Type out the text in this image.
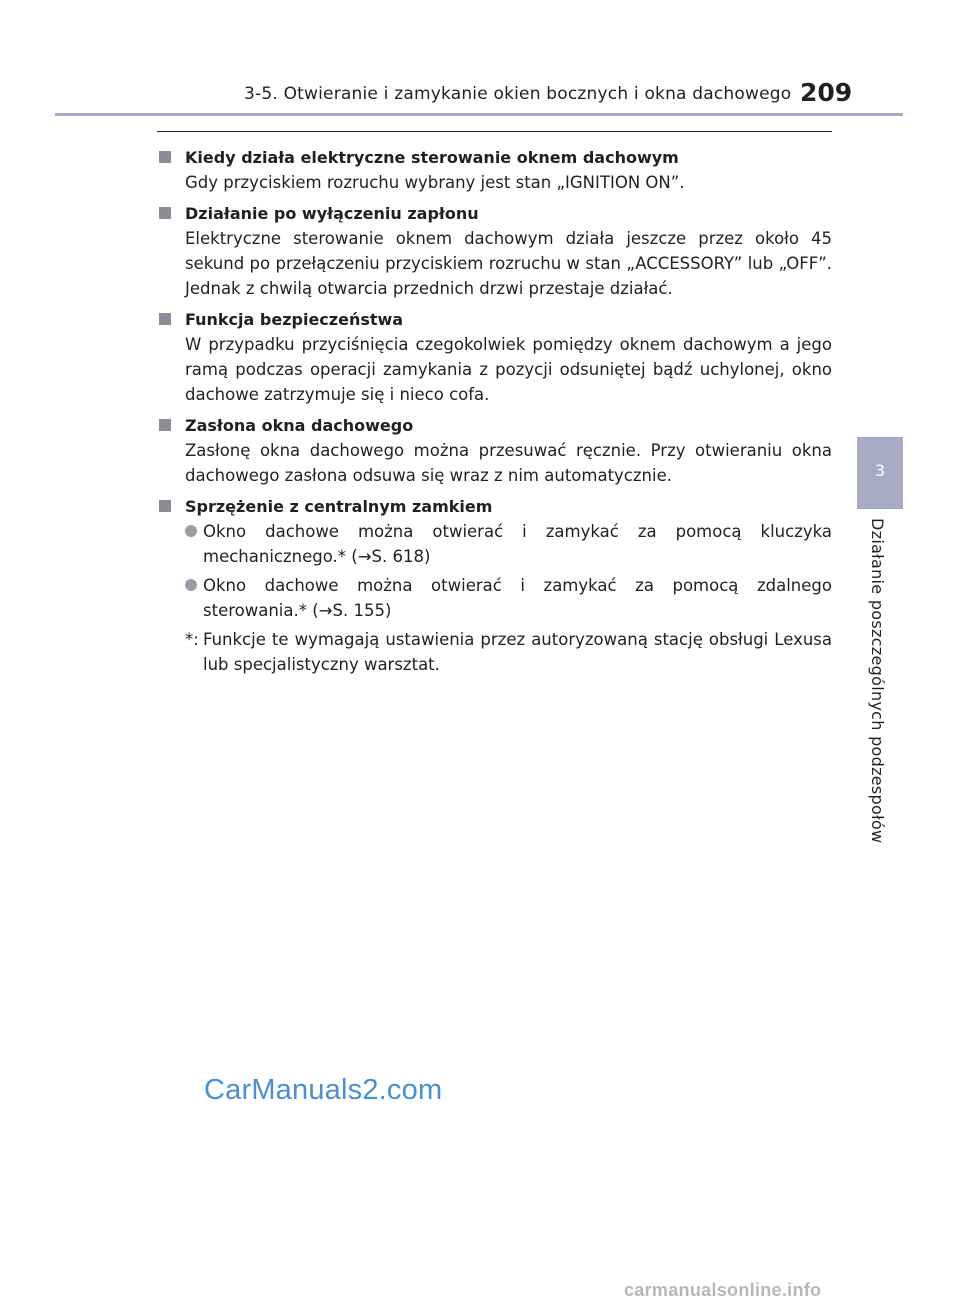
3-5. Otwieranie i zamykanie okien bocznych i okna dachowego 209
Kiedy działa elektryczne sterowanie oknem dachowym
Gdy przyciskiem rozruchu wybrany jest stan „IGNITION ON”.
Działanie po wyłączeniu zapłonu
Elektryczne sterowanie oknem dachowym działa jeszcze przez około 45 sekund po przełączeniu przyciskiem rozruchu w stan „ACCESSORY” lub „OFF”. Jednak z chwilą otwarcia przednich drzwi przestaje działać.
Funkcja bezpieczeństwa
W przypadku przyciśnięcia czegokolwiek pomiędzy oknem dachowym a jego ramą podczas operacji zamykania z pozycji odsuniętej bądź uchylonej, okno dachowe zatrzymuje się i nieco cofa.
Zasłona okna dachowego
Zasłonę okna dachowego można przesuwać ręcznie. Przy otwieraniu okna dachowego zasłona odsuwa się wraz z nim automatycznie.
Sprzężenie z centralnym zamkiem
Okno dachowe można otwierać i zamykać za pomocą kluczyka mechanicznego.* (→S. 618)
Okno dachowe można otwierać i zamykać za pomocą zdalnego sterowania.* (→S. 155)
*: Funkcje te wymagają ustawienia przez autoryzowaną stację obsługi Lexusa lub specjalistyczny warsztat.
3
Działanie poszczególnych podzespołów
CarManuals2.com
carmanualsonline.info
